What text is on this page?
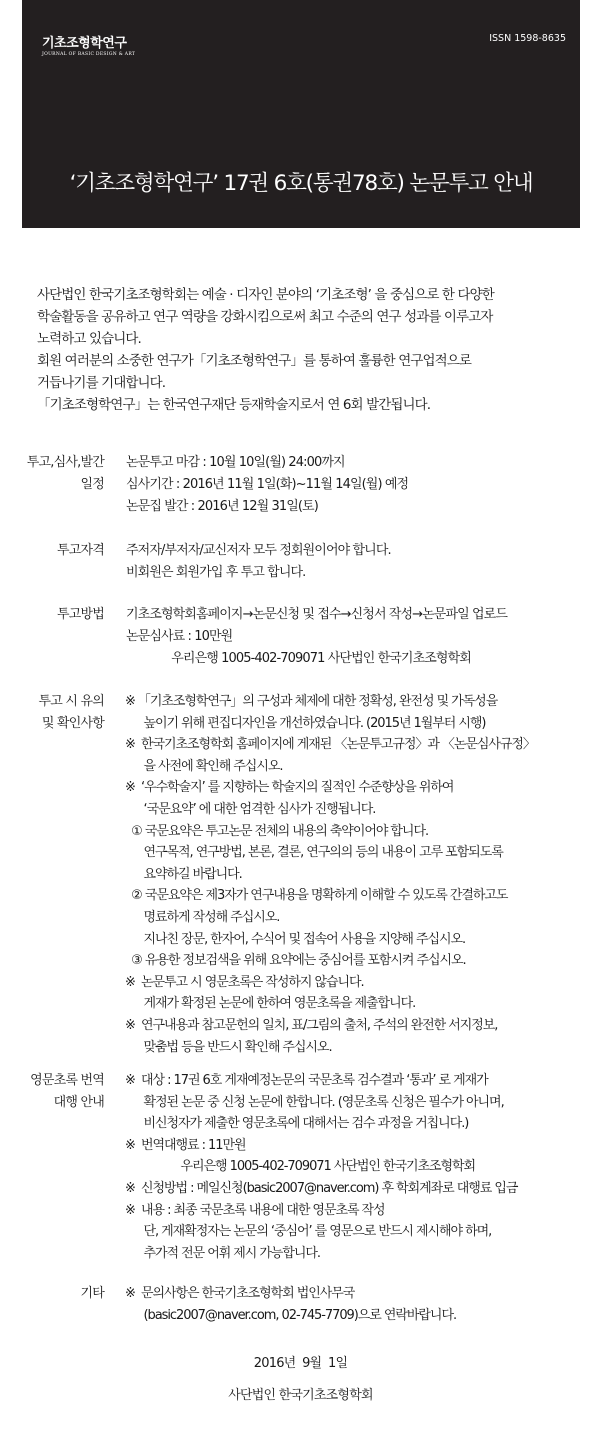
기초조형학연구
JOURNAL OF BASIC DESIGN & ART
ISSN 1598-8635
‘기초조형학연구’ 17권 6호(통권78호) 논문투고 안내

사단법인 한국기초조형학회는 예술 · 디자인 분야의 ‘기초조형’ 을 중심으로 한 다양한

학술활동을 공유하고 연구 역량을 강화시킴으로써 최고 수준의 연구 성과를 이루고자

노력하고 있습니다.

회원 여러분의 소중한 연구가「기초조형학연구」를 통하여 훌륭한 연구업적으로

거듭나기를 기대합니다.

「기초조형학연구」는 한국연구재단 등재학술지로서 연 6회 발간됩니다.

투고,심사,발간

일정

논문투고 마감 : 10월 10일(월) 24:00까지

심사기간 : 2016년 11월 1일(화)~11월 14일(월) 예정

논문집 발간 : 2016년 12월 31일(토)

투고자격 주저자/부저자/교신저자 모두 정회원이어야 합니다.

비회원은 회원가입 후 투고 합니다.

투고방법 기초조형학회홈페이지→논문신청 및 접수→신청서 작성→논문파일 업로드

논문심사료 : 10만원

우리은행 1005-402-709071 사단법인 한국기초조형학회

투고 시 유의

및 확인사항

※ 「기초조형학연구」의 구성과 체제에 대한 정확성, 완전성 및 가독성을

높이기 위해 편집디자인을 개선하였습니다. (2015년 1월부터 시행)

※  한국기초조형학회 홈페이지에 게재된 〈논문투고규정〉과 〈논문심사규정〉

을 사전에 확인해 주십시오.

※  ‘우수학술지’ 를 지향하는 학술지의 질적인 수준향상을 위하여

‘국문요약’ 에 대한 엄격한 심사가 진행됩니다.

① 국문요약은 투고논문 전체의 내용의 축약이어야 합니다.

연구목적, 연구방법, 본론, 결론, 연구의의 등의 내용이 고루 포함되도록

요약하길 바랍니다.

② 국문요약은 제3자가 연구내용을 명확하게 이해할 수 있도록 간결하고도

명료하게 작성해 주십시오.

지나친 장문, 한자어, 수식어 및 접속어 사용을 지양해 주십시오.

③ 유용한 정보검색을 위해 요약에는 중심어를 포함시켜 주십시오.

※  논문투고 시 영문초록은 작성하지 않습니다.

게재가 확정된 논문에 한하여 영문초록을 제출합니다.

※  연구내용과 참고문헌의 일치, 표/그림의 출처, 주석의 완전한 서지정보,

맞춤법 등을 반드시 확인해 주십시오.

영문초록 번역

대행 안내

※  대상 : 17권 6호 게재예정논문의 국문초록 검수결과 ‘통과’ 로 게재가

확정된 논문 중 신청 논문에 한합니다. (영문초록 신청은 필수가 아니며,

비신청자가 제출한 영문초록에 대해서는 검수 과정을 거칩니다.)

※  번역대행료 : 11만원

우리은행 1005-402-709071 사단법인 한국기초조형학회

※  신청방법 : 메일신청(basic2007@naver.com) 후 학회계좌로 대행료 입금

※  내용 : 최종 국문초록 내용에 대한 영문초록 작성

단, 게재확정자는 논문의 ‘중심어’ 를 영문으로 반드시 제시해야 하며,

추가적 전문 어휘 제시 가능합니다.

기타 ※  문의사항은 한국기초조형학회 법인사무국

(basic2007@naver.com, 02-745-7709)으로 연락바랍니다.

2016년  9월  1일
사단법인 한국기초조형학회
